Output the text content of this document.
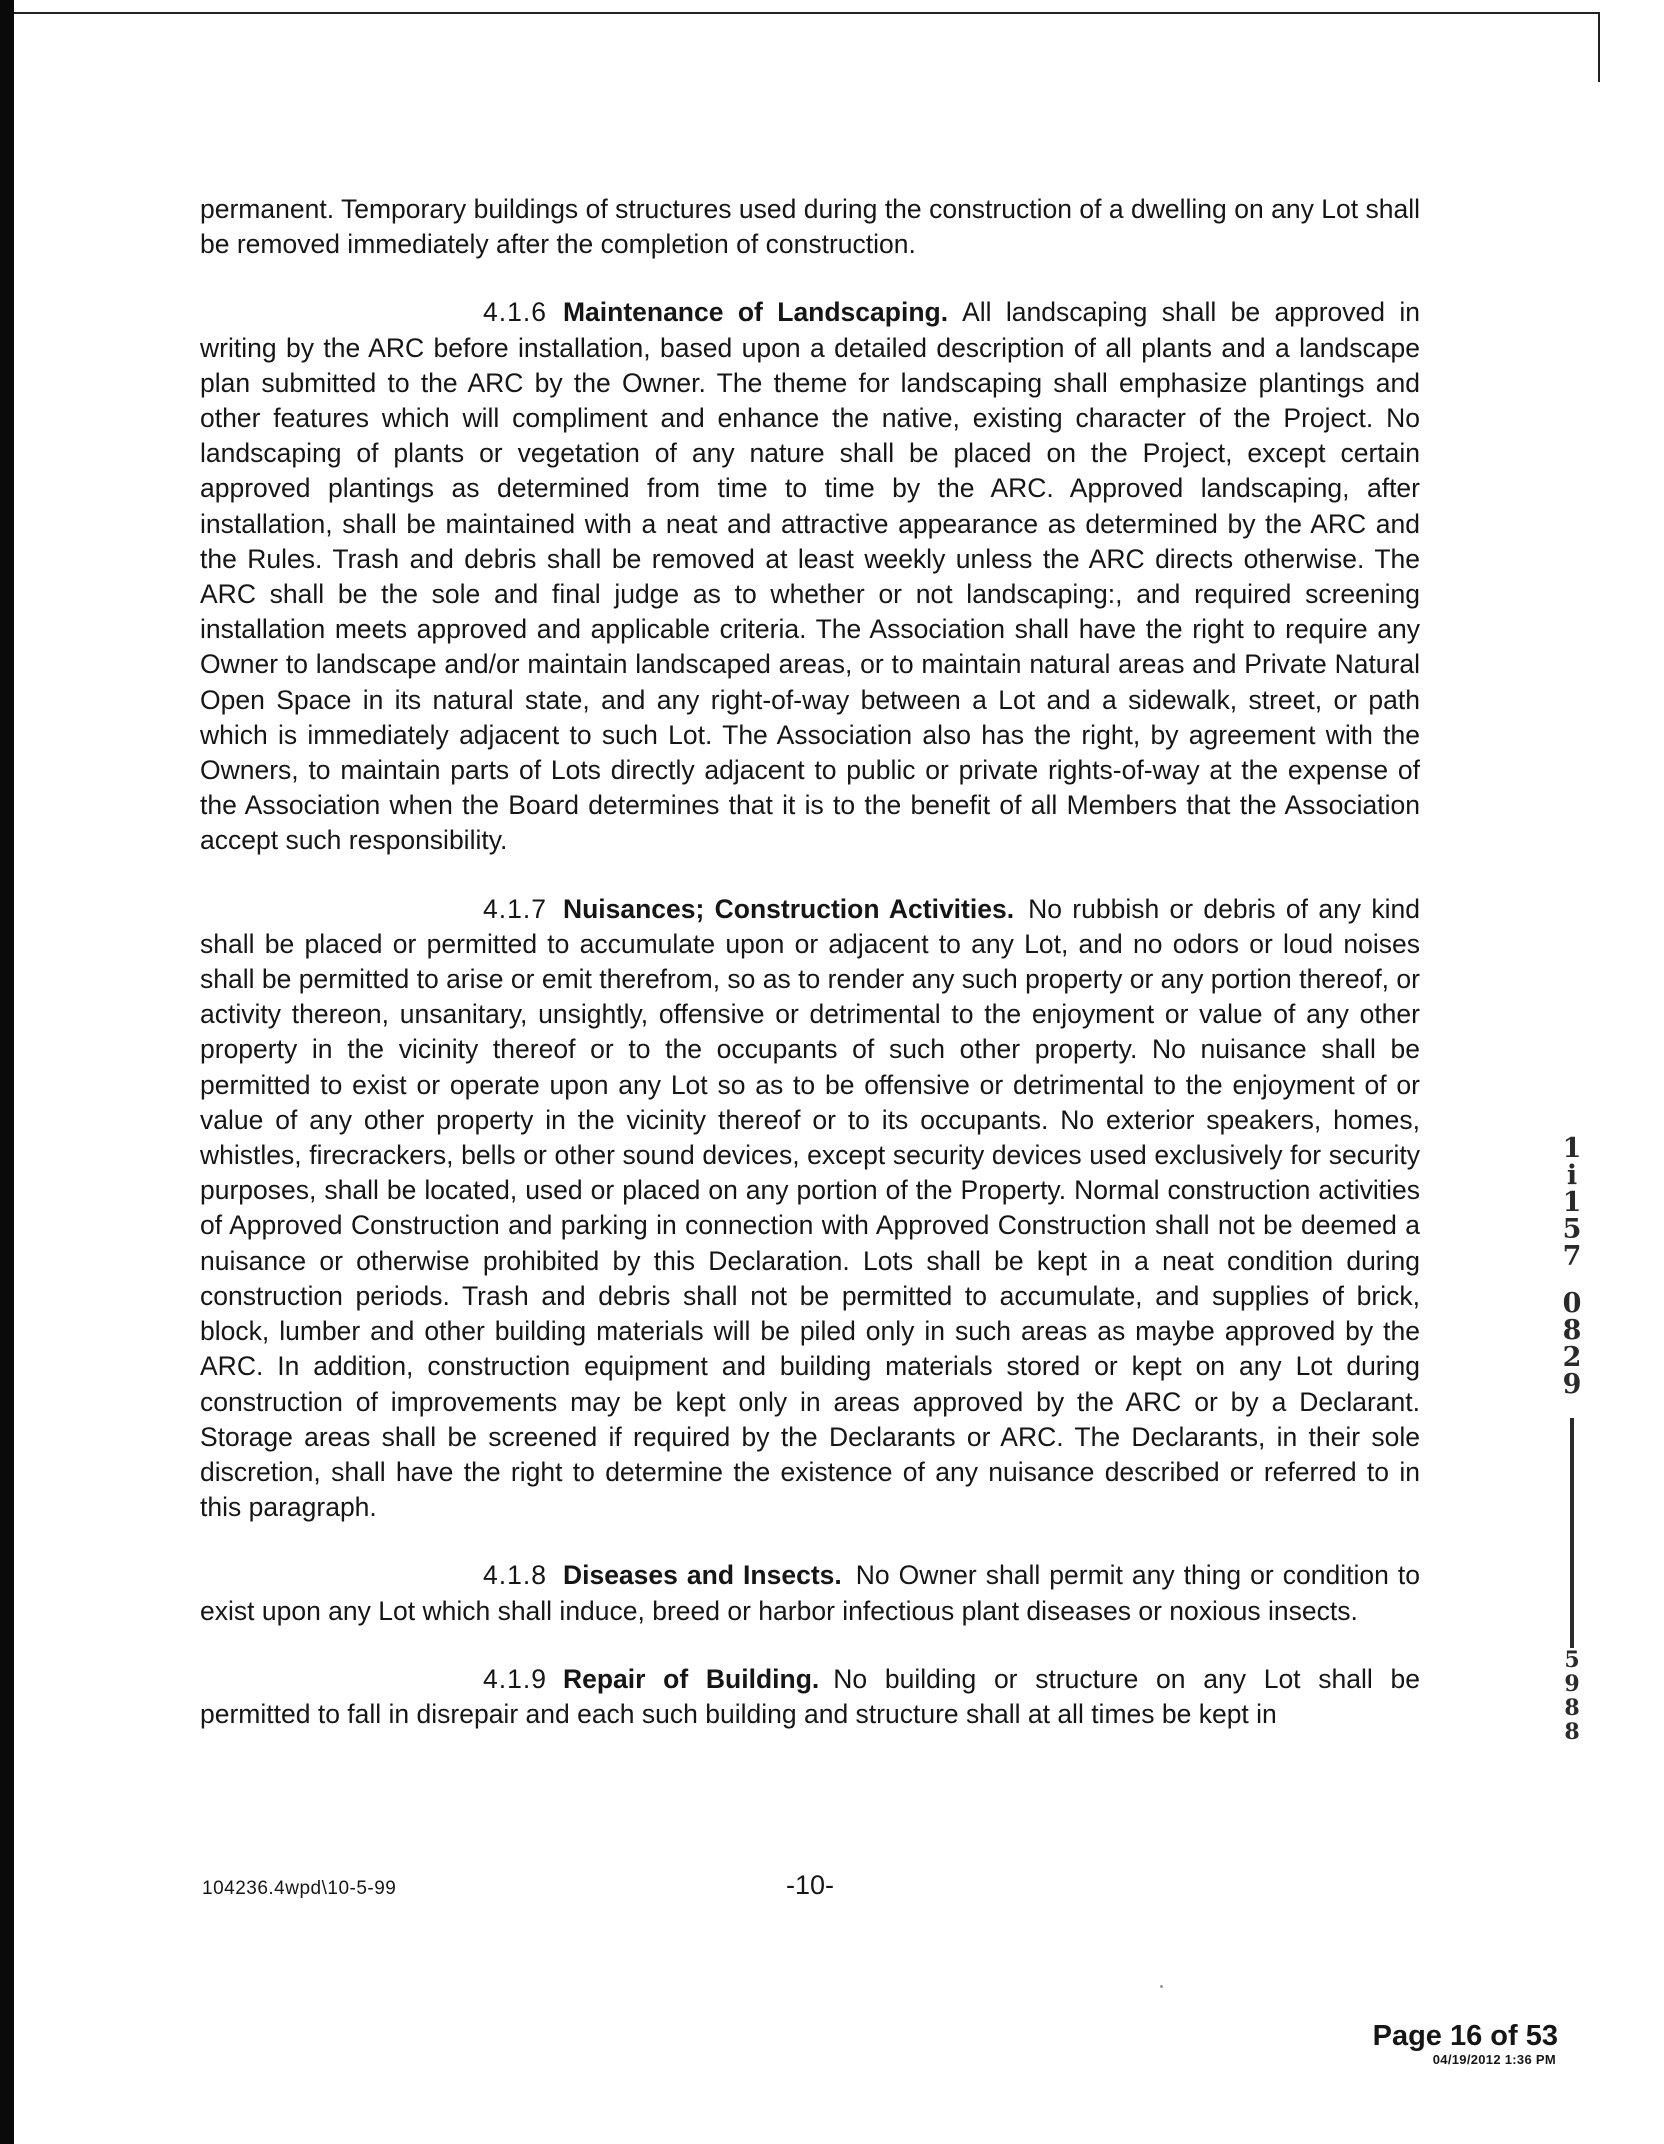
permanent. Temporary buildings of structures used during the construction of a dwelling on any Lot shall be removed immediately after the completion of construction.

4.1.6 Maintenance of Landscaping. All landscaping shall be approved in writing by the ARC before installation, based upon a detailed description of all plants and a landscape plan submitted to the ARC by the Owner. The theme for landscaping shall emphasize plantings and other features which will compliment and enhance the native, existing character of the Project. No landscaping of plants or vegetation of any nature shall be placed on the Project, except certain approved plantings as determined from time to time by the ARC. Approved landscaping, after installation, shall be maintained with a neat and attractive appearance as determined by the ARC and the Rules. Trash and debris shall be removed at least weekly unless the ARC directs otherwise. The ARC shall be the sole and final judge as to whether or not landscaping:, and required screening installation meets approved and applicable criteria. The Association shall have the right to require any Owner to landscape and/or maintain landscaped areas, or to maintain natural areas and Private Natural Open Space in its natural state, and any right-of-way between a Lot and a sidewalk, street, or path which is immediately adjacent to such Lot. The Association also has the right, by agreement with the Owners, to maintain parts of Lots directly adjacent to public or private rights-of-way at the expense of the Association when the Board determines that it is to the benefit of all Members that the Association accept such responsibility.

4.1.7 Nuisances; Construction Activities. No rubbish or debris of any kind shall be placed or permitted to accumulate upon or adjacent to any Lot, and no odors or loud noises shall be permitted to arise or emit therefrom, so as to render any such property or any portion thereof, or activity thereon, unsanitary, unsightly, offensive or detrimental to the enjoyment or value of any other property in the vicinity thereof or to the occupants of such other property. No nuisance shall be permitted to exist or operate upon any Lot so as to be offensive or detrimental to the enjoyment of or value of any other property in the vicinity thereof or to its occupants. No exterior speakers, homes, whistles, firecrackers, bells or other sound devices, except security devices used exclusively for security purposes, shall be located, used or placed on any portion of the Property. Normal construction activities of Approved Construction and parking in connection with Approved Construction shall not be deemed a nuisance or otherwise prohibited by this Declaration. Lots shall be kept in a neat condition during construction periods. Trash and debris shall not be permitted to accumulate, and supplies of brick, block, lumber and other building materials will be piled only in such areas as maybe approved by the ARC. In addition, construction equipment and building materials stored or kept on any Lot during construction of improvements may be kept only in areas approved by the ARC or by a Declarant. Storage areas shall be screened if required by the Declarants or ARC. The Declarants, in their sole discretion, shall have the right to determine the existence of any nuisance described or referred to in this paragraph.

4.1.8 Diseases and Insects. No Owner shall permit any thing or condition to exist upon any Lot which shall induce, breed or harbor infectious plant diseases or noxious insects.

4.1.9 Repair of Building. No building or structure on any Lot shall be permitted to fall in disrepair and each such building and structure shall at all times be kept in

104236.4wpd\10-5-99	-10-
1
i
1
5
7
0
8
2
9
5
9
8
8
Page 16 of 53
04/19/2012 1:36 PM
